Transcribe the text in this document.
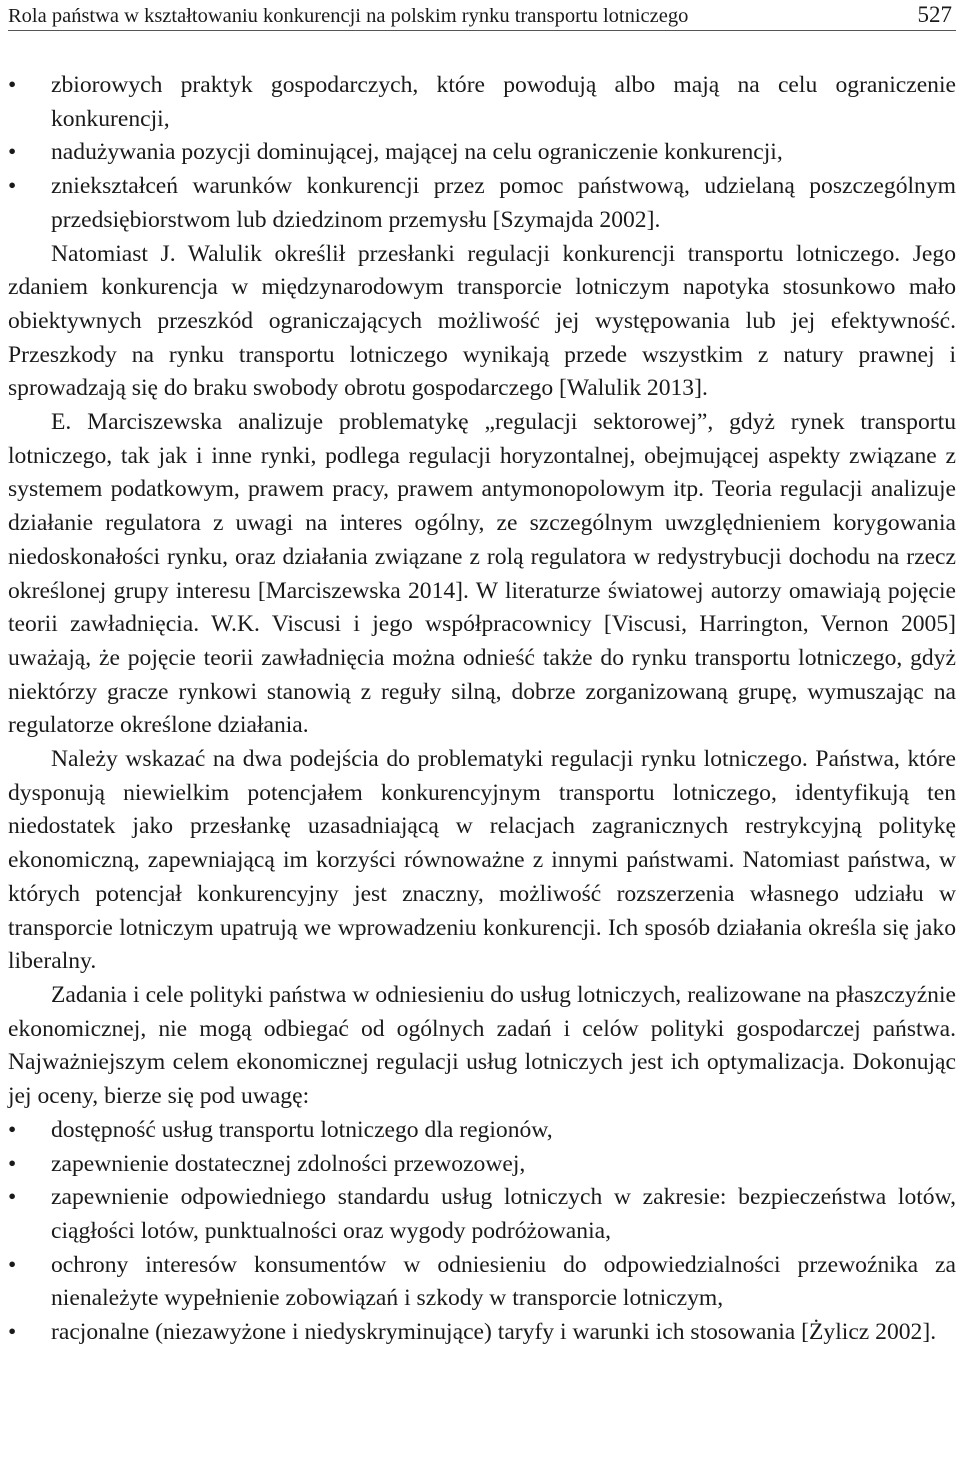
Rola państwa w kształtowaniu konkurencji na polskim rynku transportu lotniczego	527
•	zbiorowych praktyk gospodarczych, które powodują albo mają na celu ograniczenie konkurencji,
•	nadużywania pozycji dominującej, mającej na celu ograniczenie konkurencji,
•	zniekształceń warunków konkurencji przez pomoc państwową, udzielaną poszczególnym przedsiębiorstwom lub dziedzinom przemysłu [Szymajda 2002].

Natomiast J. Walulik określił przesłanki regulacji konkurencji transportu lotniczego. Jego zdaniem konkurencja w międzynarodowym transporcie lotniczym napotyka stosunkowo mało obiektywnych przeszkód ograniczających możliwość jej występowania lub jej efektywność. Przeszkody na rynku transportu lotniczego wynikają przede wszystkim z natury prawnej i sprowadzają się do braku swobody obrotu gospodarczego [Walulik 2013].

E. Marciszewska analizuje problematykę „regulacji sektorowej”, gdyż rynek transportu lotniczego, tak jak i inne rynki, podlega regulacji horyzontalnej, obejmującej aspekty związane z systemem podatkowym, prawem pracy, prawem antymonopolowym itp. Teoria regulacji analizuje działanie regulatora z uwagi na interes ogólny, ze szczególnym uwzględnieniem korygowania niedoskonałości rynku, oraz działania związane z rolą regulatora w redystrybucji dochodu na rzecz określonej grupy interesu [Marciszewska 2014]. W literaturze światowej autorzy omawiają pojęcie teorii zawładnięcia. W.K. Viscusi i jego współpracownicy [Viscusi, Harrington, Vernon 2005] uważają, że pojęcie teorii zawładnięcia można odnieść także do rynku transportu lotniczego, gdyż niektórzy gracze rynkowi stanowią z reguły silną, dobrze zorganizowaną grupę, wymuszając na regulatorze określone działania.

Należy wskazać na dwa podejścia do problematyki regulacji rynku lotniczego. Państwa, które dysponują niewielkim potencjałem konkurencyjnym transportu lotniczego, identyfikują ten niedostatek jako przesłankę uzasadniającą w relacjach zagranicznych restrykcyjną politykę ekonomiczną, zapewniającą im korzyści równoważne z innymi państwami. Natomiast państwa, w których potencjał konkurencyjny jest znaczny, możliwość rozszerzenia własnego udziału w transporcie lotniczym upatrują we wprowadzeniu konkurencji. Ich sposób działania określa się jako liberalny.

Zadania i cele polityki państwa w odniesieniu do usług lotniczych, realizowane na płaszczyźnie ekonomicznej, nie mogą odbiegać od ogólnych zadań i celów polityki gospodarczej państwa. Najważniejszym celem ekonomicznej regulacji usług lotniczych jest ich optymalizacja. Dokonując jej oceny, bierze się pod uwagę:

•	dostępność usług transportu lotniczego dla regionów,
•	zapewnienie dostatecznej zdolności przewozowej,
•	zapewnienie odpowiedniego standardu usług lotniczych w zakresie: bezpieczeństwa lotów, ciągłości lotów, punktualności oraz wygody podróżowania,
•	ochrony interesów konsumentów w odniesieniu do odpowiedzialności przewoźnika za nienależyte wypełnienie zobowiązań i szkody w transporcie lotniczym,
•	racjonalne (niezawyżone i niedyskryminujące) taryfy i warunki ich stosowania [Żylicz 2002].
